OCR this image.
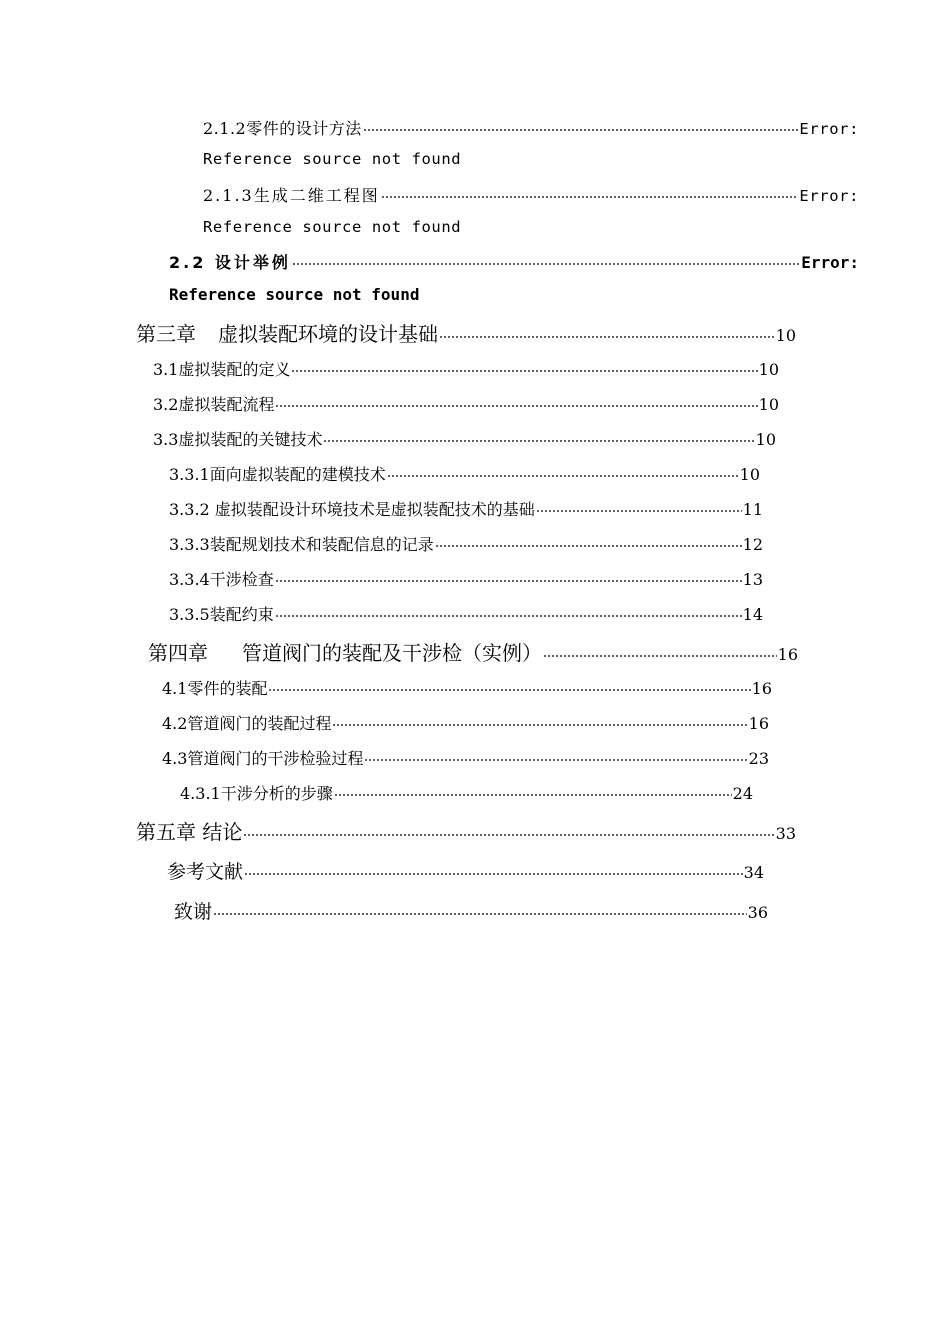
2.1.2零件的设计方法	Error:
Reference source not found
2.1.3生成二维工程图	Error:
Reference source not found
2.2 设计举例	Error:
Reference source not found
第三章 虚拟装配环境的设计基础	10
3.1虚拟装配的定义	10
3.2虚拟装配流程	10
3.3虚拟装配的关键技术	10
3.3.1面向虚拟装配的建模技术	10
3.3.2 虚拟装配设计环境技术是虚拟装配技术的基础	11
3.3.3装配规划技术和装配信息的记录	12
3.3.4干涉检查	13
3.3.5装配约束	14
第四章 管道阀门的装配及干涉检（实例）	16
4.1零件的装配	16
4.2管道阀门的装配过程	16
4.3管道阀门的干涉检验过程	23
4.3.1干涉分析的步骤	24
第五章 结论	33
参考文献	34
致谢	36
